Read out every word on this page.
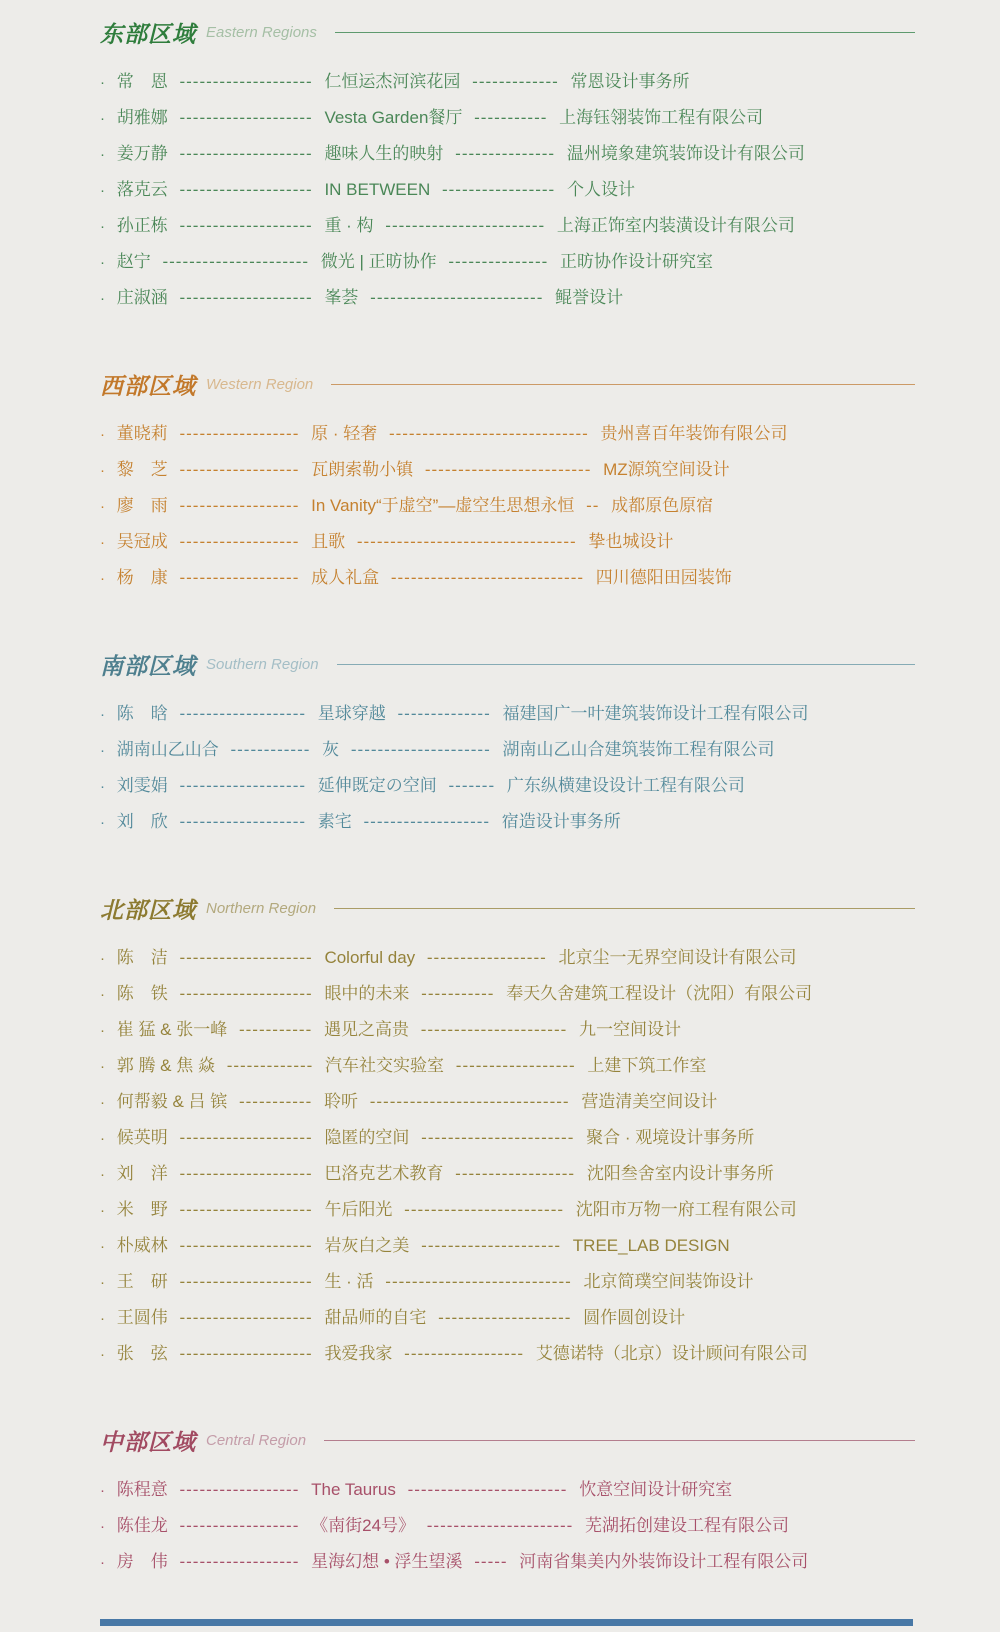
东部区域 Eastern Regions
· 常　恩 -------------------- 仁恒运杰河滨花园 ------------- 常恩设计事务所
· 胡雅娜 -------------------- Vesta Garden餐厅 ----------- 上海钰翎装饰工程有限公司
· 姜万静 -------------------- 趣味人生的映射 --------------- 温州境象建筑装饰设计有限公司
· 落克云 -------------------- IN BETWEEN ----------------- 个人设计
· 孙正栋 -------------------- 重 · 构 ------------------------ 上海正饰室内装潢设计有限公司
· 赵宁 ---------------------- 微光 | 正昉协作 --------------- 正昉协作设计研究室
· 庄淑涵 -------------------- 峯荟 -------------------------- 鲲誉设计
西部区域 Western Region
· 董晓莉 ------------------ 原 · 轻奢 ------------------------------ 贵州喜百年装饰有限公司
· 黎　芝 ------------------ 瓦朗索勒小镇 ------------------------- MZ源筑空间设计
· 廖　雨 ------------------ In Vanity“于虚空”—虚空生思想永恒 -- 成都原色原宿
· 吴冠成 ------------------ 且歌 --------------------------------- 挚也城设计
· 杨　康 ------------------ 成人礼盒 ----------------------------- 四川德阳田园装饰
南部区域 Southern Region
· 陈　晗 ------------------- 星球穿越 -------------- 福建国广一叶建筑装饰设计工程有限公司
· 湖南山乙山合 ------------ 灰 --------------------- 湖南山乙山合建筑装饰工程有限公司
· 刘雯娟 ------------------- 延伸既定の空间 ------- 广东纵横建设设计工程有限公司
· 刘　欣 ------------------- 素宅 ------------------- 宿造设计事务所
北部区域 Northern Region
· 陈　洁 -------------------- Colorful day ------------------ 北京尘一无界空间设计有限公司
· 陈　铁 -------------------- 眼中的未来 ----------- 奉天久舍建筑工程设计（沈阳）有限公司
· 崔 猛 & 张一峰 ----------- 遇见之高贵 ---------------------- 九一空间设计
· 郭 腾 & 焦 焱 ------------- 汽车社交实验室 ------------------ 上建下筑工作室
· 何帮毅 & 吕 镔 ----------- 聆听 ------------------------------ 营造清美空间设计
· 候英明 -------------------- 隐匿的空间 ----------------------- 聚合 · 观境设计事务所
· 刘　洋 -------------------- 巴洛克艺术教育 ------------------ 沈阳叁舍室内设计事务所
· 米　野 -------------------- 午后阳光 ------------------------ 沈阳市万物一府工程有限公司
· 朴威林 -------------------- 岩灰白之美 --------------------- TREE_LAB DESIGN
· 王　研 -------------------- 生 · 活 ---------------------------- 北京简璞空间装饰设计
· 王圆伟 -------------------- 甜品师的自宅 -------------------- 圆作圆创设计
· 张　弦 -------------------- 我爱我家 ------------------ 艾德诺特（北京）设计顾问有限公司
中部区域 Central Region
· 陈程意 ------------------ The Taurus ------------------------ 忺意空间设计研究室
· 陈佳龙 ------------------ 《南街24号》 ---------------------- 芜湖拓创建设工程有限公司
· 房　伟 ------------------ 星海幻想 • 浮生望溪 ----- 河南省集美内外装饰设计工程有限公司
